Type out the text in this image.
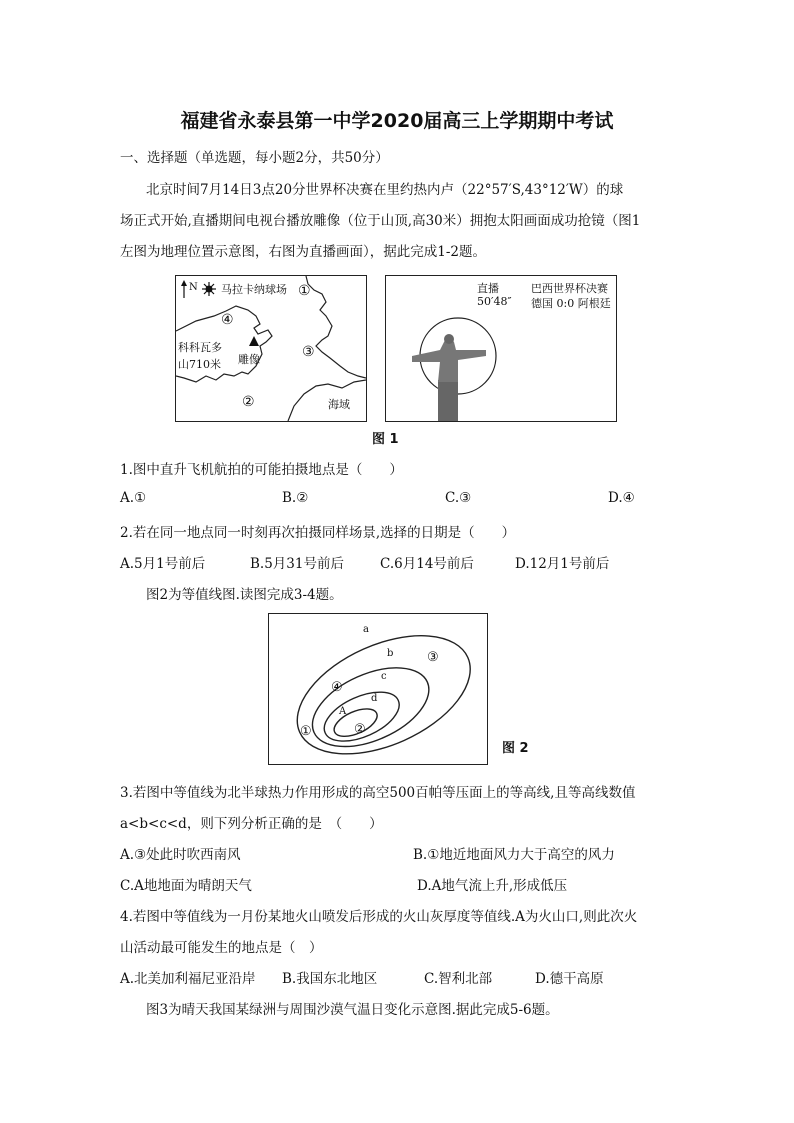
福建省永泰县第一中学2020届高三上学期期中考试
一、选择题（单选题，每小题2分，共50分）
北京时间7月14日3点20分世界杯决赛在里约热内卢（22°57′S,43°12′W）的球
场正式开始,直播期间电视台播放雕像（位于山顶,高30米）拥抱太阳画面成功抢镜（图1
左图为地理位置示意图，右图为直播画面），据此完成1-2题。
N 马拉卡纳球场 ①
④
科科瓦多
山710米 雕像	③
②	海域
直播
50′48″
巴西世界杯决赛
德国 0:0 阿根廷
图 1
1.图中直升飞机航拍的可能拍摄地点是（　　）
A.①	B.②	C.③	D.④
2.若在同一地点同一时刻再次拍摄同样场景,选择的日期是（　　）
A.5月1号前后	B.5月31号前后	C.6月14号前后	D.12月1号前后
图2为等值线图.读图完成3-4题。
a
b	③
c
④
d
A
①	②
图 2
3.若图中等值线为北半球热力作用形成的高空500百帕等压面上的等高线,且等高线数值
a<b<c<d，则下列分析正确的是　（　　）
A.③处此时吹西南风	B.①地近地面风力大于高空的风力
C.A地地面为晴朗天气	D.A地气流上升,形成低压
4.若图中等值线为一月份某地火山喷发后形成的火山灰厚度等值线.A为火山口,则此次火
山活动最可能发生的地点是（　）
A.北美加利福尼亚沿岸 B.我国东北地区	C.智利北部	D.德干高原
图3为晴天我国某绿洲与周围沙漠气温日变化示意图.据此完成5-6题。
